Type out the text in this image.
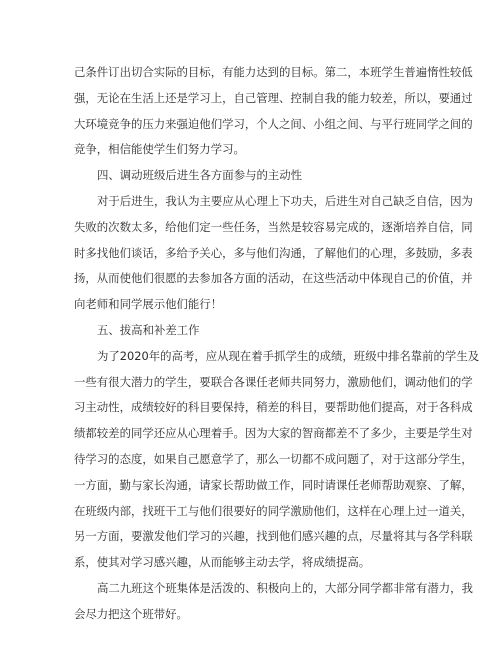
己条件订出切合实际的目标，有能力达到的目标。第二，本班学生普遍惰性较低
强，无论在生活上还是学习上，自己管理、控制自我的能力较差，所以，要通过
大环境竞争的压力来强迫他们学习，个人之间、小组之间、与平行班同学之间的
竞争，相信能使学生们努力学习。
四、调动班级后进生各方面参与的主动性
对于后进生，我认为主要应从心理上下功夫，后进生对自己缺乏自信，因为
失败的次数太多，给他们定一些任务，当然是较容易完成的，逐渐培养自信，同
时多找他们谈话，多给予关心，多与他们沟通，了解他们的心理，多鼓励，多表
扬，从而使他们很愿的去参加各方面的活动，在这些活动中体现自己的价值，并
向老师和同学展示他们能行！
五、拔高和补差工作
为了2020年的高考，应从现在着手抓学生的成绩，班级中排名靠前的学生及
一些有很大潜力的学生，要联合各课任老师共同努力，激励他们，调动他们的学
习主动性，成绩较好的科目要保持，稍差的科目，要帮助他们提高，对于各科成
绩都较差的同学还应从心理着手。因为大家的智商都差不了多少，主要是学生对
待学习的态度，如果自己愿意学了，那么一切都不成问题了，对于这部分学生，
一方面，勤与家长沟通，请家长帮助做工作，同时请课任老师帮助观察、了解，
在班级内部，找班干工与他们很要好的同学激励他们，这样在心理上过一道关，
另一方面，要激发他们学习的兴趣，找到他们感兴趣的点，尽量将其与各学科联
系，使其对学习感兴趣，从而能够主动去学，将成绩提高。
高二九班这个班集体是活泼的、积极向上的，大部分同学都非常有潜力，我
会尽力把这个班带好。
